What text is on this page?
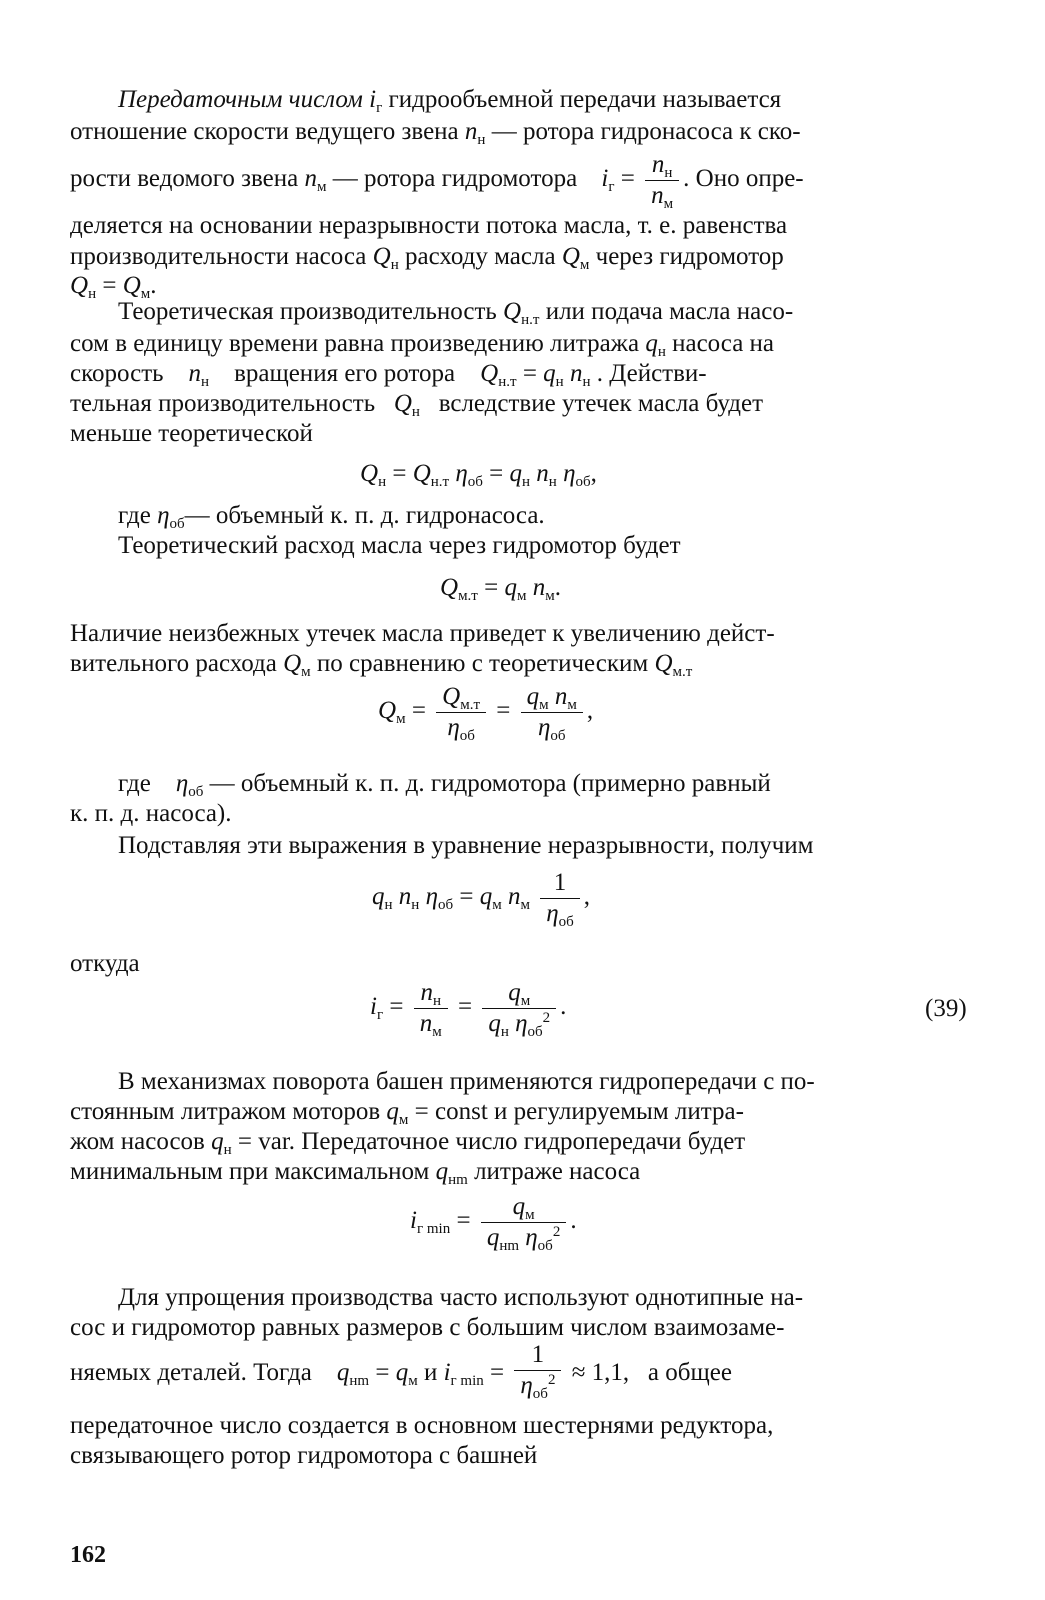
Передаточным числом $i_г$ гидрообъемной передачи называется
отношение скорости ведущего звена $n_н$ — ротора гидронасоса к ско-
рости ведомого звена $n_м$ — ротора гидромотора $i_г = \frac{n_н}{n_м}$ . Оно опре-
деляется на основании неразрывности потока масла, т. е. равенства
производительности насоса $Q_н$ расходу масла $Q_м$ через гидромотор
$Q_н = Q_м$.
Теоретическая производительность $Q_{н.т}$ или подача масла насо-
сом в единицу времени равна произведению литража $q_н$ насоса на
скорость $n_н$ вращения его ротора $Q_{н.т} = q_н$ $n_н$ . Действи-
тельная производительность $Q_н$ вследствие утечек масла будет
меньше теоретической
$Q_н = Q_{н.т}$ $\eta_{об} = q_н$ $n_н$ $\eta_{об}$,
где $\eta_{об}—$ объемный к. п. д. гидронасоса.
Теоретический расход масла через гидромотор будет
$Q_{м.т} = q_м$ $n_м$.
Наличие неизбежных утечек масла приведет к увеличению дейст-
вительного расхода $Q_м$ по сравнению с теоретическим $Q_{м.т}$
$Q_м = \frac{Q_{м.т}}{\eta_{об}} = \frac{q_м n_м}{\eta_{об}}$ ,
где $\eta_{об}$ — объемный к. п. д. гидромотора (примерно равный
к. п. д. насоса).
Подставляя эти выражения в уравнение неразрывности, получим
$q_н$ $n_н$ $\eta_{об} = q_м$ $n_м \frac{1}{\eta_{об}}$ ,
откуда
$i_г = \frac{n_н}{n_м} = \frac{q_м}{q_н \eta_{об}^2}$ .	(39)
В механизмах поворота башен применяются гидропередачи с по-
стоянным литражом моторов $q_м$ = const и регулируемым литра-
жом насосов $q_н$ = var. Передаточное число гидропередачи будет
минимальным при максимальном $q_{нm}$ литраже насоса
$i_{г min} = \frac{q_м}{q_{нm} \eta_{об}^2}$ .
Для упрощения производства часто используют однотипные на-
сос и гидромотор равных размеров с большим числом взаимозаме-
няемых деталей. Тогда $q_{нm} = q_м$ и $i_{г min} = \frac{1}{\eta_{об}^2} \approx 1,1$, а общее
передаточное число создается в основном шестернями редуктора,
связывающего ротор гидромотора с башней
162
